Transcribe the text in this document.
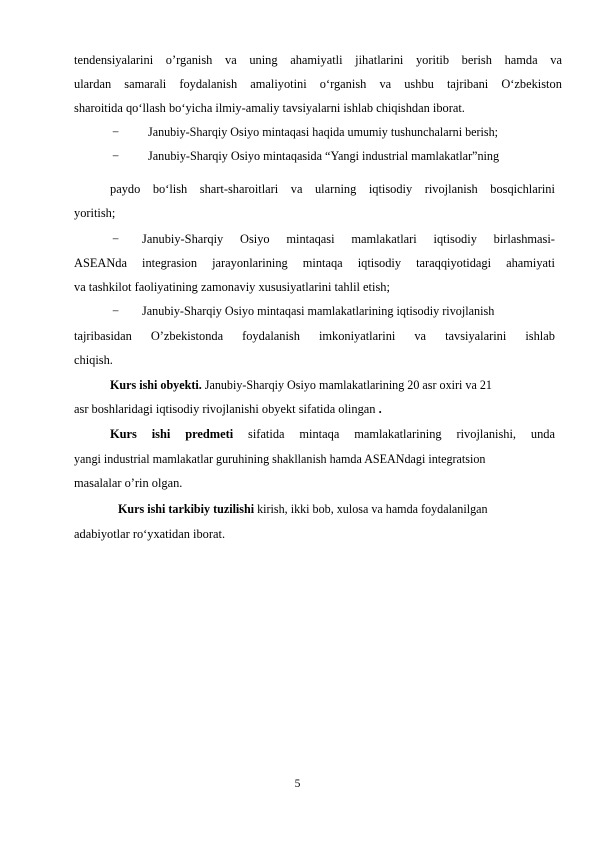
tendensiyalarini o’rganish va uning ahamiyatli jihatlarini yoritib berish hamda va
ulardan samarali foydalanish amaliyotini o‘rganish va ushbu tajribani O‘zbekiston
sharoitida qo‘llash bo‘yicha ilmiy-amaliy tavsiyalarni ishlab chiqishdan iborat.
− Janubiy-Sharqiy Osiyo mintaqasi haqida umumiy tushunchalarni berish;
− Janubiy-Sharqiy Osiyo mintaqasida “Yangi industrial mamlakatlar”ning
paydo bo‘lish shart-sharoitlari va ularning iqtisodiy rivojlanish bosqichlarini
yoritish;
− Janubiy-Sharqiy Osiyo mintaqasi mamlakatlari iqtisodiy birlashmasi-
ASEANda integrasion jarayonlarining mintaqa iqtisodiy taraqqiyotidagi ahamiyati
va tashkilot faoliyatining zamonaviy xususiyatlarini tahlil etish;
− Janubiy-Sharqiy Osiyo mintaqasi mamlakatlarining iqtisodiy rivojlanish
tajribasidan O’zbekistonda foydalanish imkoniyatlarini va tavsiyalarini ishlab
chiqish.
Kurs ishi obyekti. Janubiy-Sharqiy Osiyo mamlakatlarining 20 asr oxiri va 21
asr boshlaridagi iqtisodiy rivojlanishi obyekt sifatida olingan .
Kurs ishi predmeti sifatida mintaqa mamlakatlarining rivojlanishi, unda
yangi industrial mamlakatlar guruhining shakllanish hamda ASEANdagi integratsion
masalalar o’rin olgan.
Kurs ishi tarkibiy tuzilishi kirish, ikki bob, xulosa va hamda foydalanilgan
adabiyotlar ro‘yxatidan iborat.
5
